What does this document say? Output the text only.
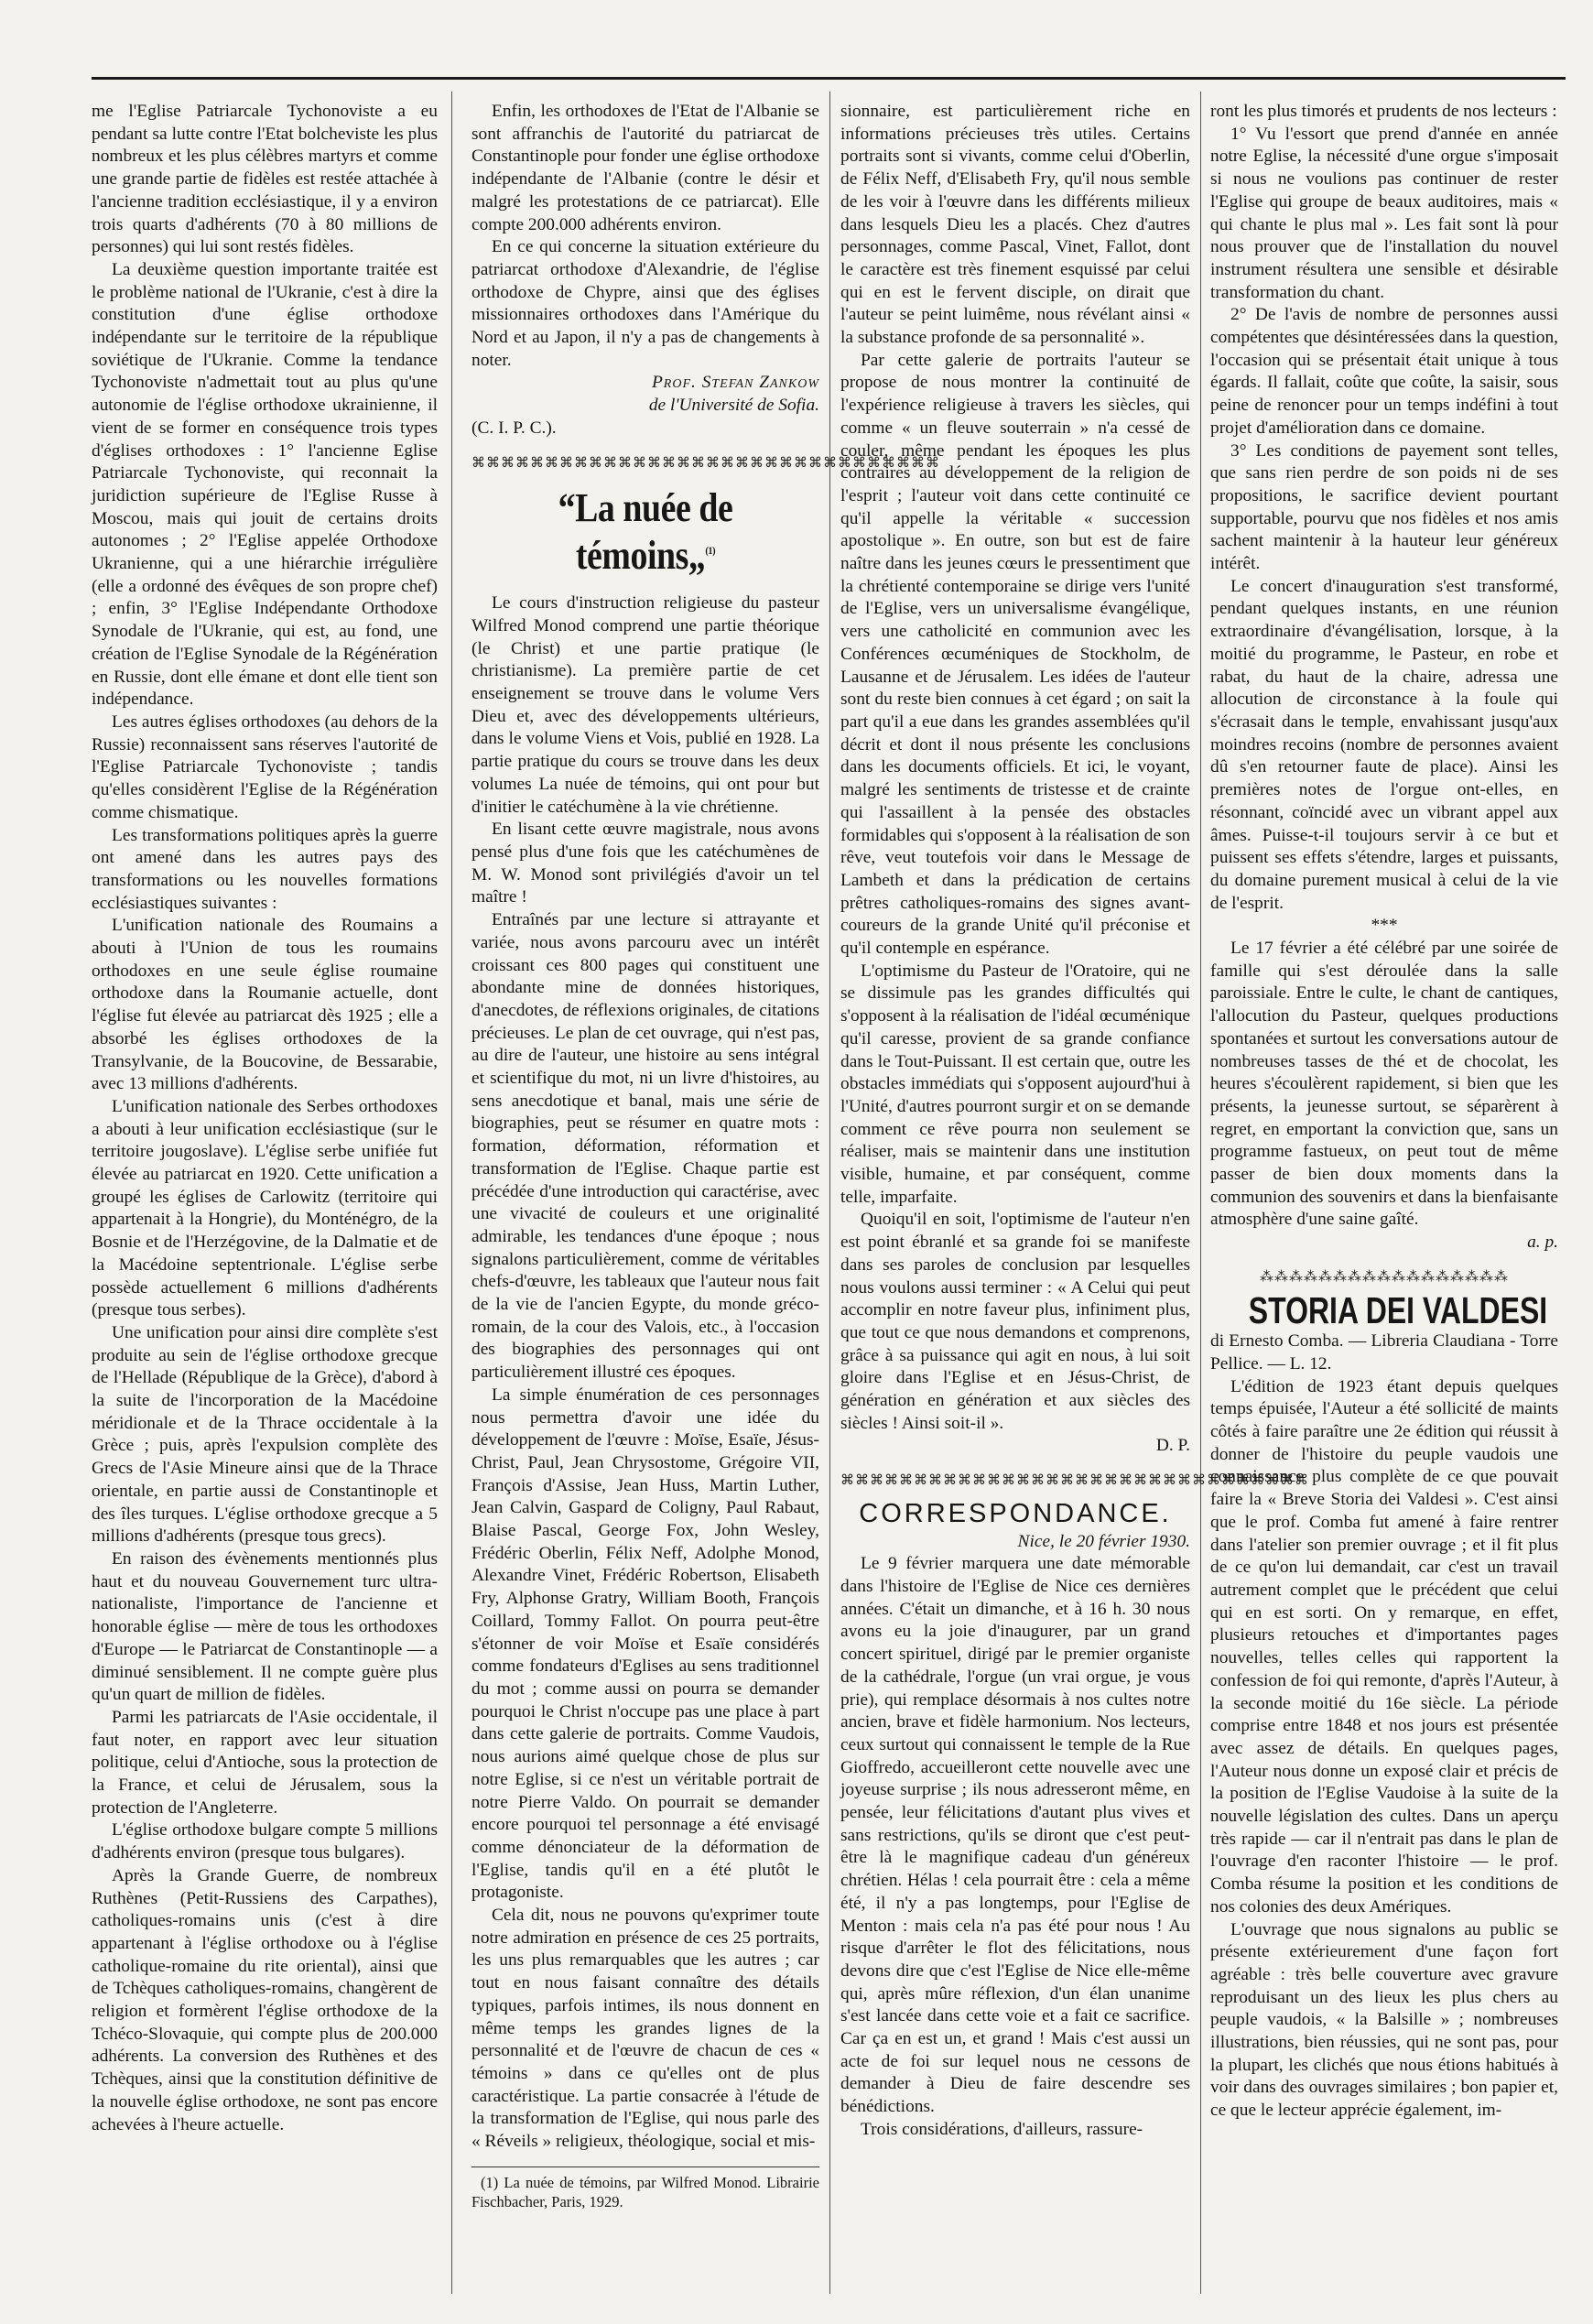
me l'Eglise Patriarcale Tychonoviste a eu pendant sa lutte contre l'Etat bolcheviste les plus nombreux et les plus célèbres martyrs et comme une grande partie de fidèles est restée attachée à l'ancienne tradition ecclésiastique, il y a environ trois quarts d'adhérents (70 à 80 millions de personnes) qui lui sont restés fidèles.

La deuxième question importante traitée est le problème national de l'Ukranie, c'est à dire la constitution d'une église orthodoxe indépendante sur le territoire de la république soviétique de l'Ukranie. Comme la tendance Tychonoviste n'admettait tout au plus qu'une autonomie de l'église orthodoxe ukrainienne, il vient de se former en conséquence trois types d'églises orthodoxes : 1° l'ancienne Eglise Patriarcale Tychonoviste, qui reconnait la juridiction supérieure de l'Eglise Russe à Moscou, mais qui jouit de certains droits autonomes ; 2° l'Eglise appelée Orthodoxe Ukranienne, qui a une hiérarchie irrégulière (elle a ordonné des évêques de son propre chef) ; enfin, 3° l'Eglise Indépendante Orthodoxe Synodale de l'Ukranie, qui est, au fond, une création de l'Eglise Synodale de la Régénération en Russie, dont elle émane et dont elle tient son indépendance.

Les autres églises orthodoxes (au dehors de la Russie) reconnaissent sans réserves l'autorité de l'Eglise Patriarcale Tychonoviste ; tandis qu'elles considèrent l'Eglise de la Régénération comme chismatique.

Les transformations politiques après la guerre ont amené dans les autres pays des transformations ou les nouvelles formations ecclésiastiques suivantes :

L'unification nationale des Roumains a abouti à l'Union de tous les roumains orthodoxes en une seule église roumaine orthodoxe dans la Roumanie actuelle, dont l'église fut élevée au patriarcat dès 1925 ; elle a absorbé les églises orthodoxes de la Transylvanie, de la Boucovine, de Bessarabie, avec 13 millions d'adhérents.

L'unification nationale des Serbes orthodoxes a abouti à leur unification ecclésiastique (sur le territoire jougoslave). L'église serbe unifiée fut élevée au patriarcat en 1920. Cette unification a groupé les églises de Carlowitz (territoire qui appartenait à la Hongrie), du Monténégro, de la Bosnie et de l'Herzégovine, de la Dalmatie et de la Macédoine septentrionale. L'église serbe possède actuellement 6 millions d'adhérents (presque tous serbes).

Une unification pour ainsi dire complète s'est produite au sein de l'église orthodoxe grecque de l'Hellade (République de la Grèce), d'abord à la suite de l'incorporation de la Macédoine méridionale et de la Thrace occidentale à la Grèce ; puis, après l'expulsion complète des Grecs de l'Asie Mineure ainsi que de la Thrace orientale, en partie aussi de Constantinople et des îles turques. L'église orthodoxe grecque a 5 millions d'adhérents (presque tous grecs).

En raison des évènements mentionnés plus haut et du nouveau Gouvernement turc ultra-nationaliste, l'importance de l'ancienne et honorable église — mère de tous les orthodoxes d'Europe — le Patriarcat de Constantinople — a diminué sensiblement. Il ne compte guère plus qu'un quart de million de fidèles.

Parmi les patriarcats de l'Asie occidentale, il faut noter, en rapport avec leur situation politique, celui d'Antioche, sous la protection de la France, et celui de Jérusalem, sous la protection de l'Angleterre.

L'église orthodoxe bulgare compte 5 millions d'adhérents environ (presque tous bulgares).

Après la Grande Guerre, de nombreux Ruthènes (Petit-Russiens des Carpathes), catholiques-romains unis (c'est à dire appartenant à l'église orthodoxe ou à l'église catholique-romaine du rite oriental), ainsi que de Tchèques catholiques-romains, changèrent de religion et formèrent l'église orthodoxe de la Tchéco-Slovaquie, qui compte plus de 200.000 adhérents. La conversion des Ruthènes et des Tchèques, ainsi que la constitution définitive de la nouvelle église orthodoxe, ne sont pas encore achevées à l'heure actuelle.

Enfin, les orthodoxes de l'Etat de l'Albanie se sont affranchis de l'autorité du patriarcat de Constantinople pour fonder une église orthodoxe indépendante de l'Albanie (contre le désir et malgré les protestations de ce patriarcat). Elle compte 200.000 adhérents environ.

En ce qui concerne la situation extérieure du patriarcat orthodoxe d'Alexandrie, de l'église orthodoxe de Chypre, ainsi que des églises missionnaires orthodoxes dans l'Amérique du Nord et au Japon, il n'y a pas de changements à noter.

Prof. Stefan Zankow

de l'Université de Sofia.

(C. I. P. C.).

⌘⌘⌘⌘⌘⌘⌘⌘⌘⌘⌘⌘⌘⌘⌘⌘⌘⌘⌘⌘⌘⌘⌘⌘⌘⌘⌘⌘⌘⌘⌘⌘
“La nuée de témoins„$^{(1)}$

Le cours d'instruction religieuse du pasteur Wilfred Monod comprend une partie théorique (le Christ) et une partie pratique (le christianisme). La première partie de cet enseignement se trouve dans le volume Vers Dieu et, avec des développements ultérieurs, dans le volume Viens et Vois, publié en 1928. La partie pratique du cours se trouve dans les deux volumes La nuée de témoins, qui ont pour but d'initier le catéchumène à la vie chrétienne.

En lisant cette œuvre magistrale, nous avons pensé plus d'une fois que les catéchumènes de M. W. Monod sont privilégiés d'avoir un tel maître !

Entraînés par une lecture si attrayante et variée, nous avons parcouru avec un intérêt croissant ces 800 pages qui constituent une abondante mine de données historiques, d'anecdotes, de réflexions originales, de citations précieuses. Le plan de cet ouvrage, qui n'est pas, au dire de l'auteur, une histoire au sens intégral et scientifique du mot, ni un livre d'histoires, au sens anecdotique et banal, mais une série de biographies, peut se résumer en quatre mots : formation, déformation, réformation et transformation de l'Eglise. Chaque partie est précédée d'une introduction qui caractérise, avec une vivacité de couleurs et une originalité admirable, les tendances d'une époque ; nous signalons particulièrement, comme de véritables chefs-d'œuvre, les tableaux que l'auteur nous fait de la vie de l'ancien Egypte, du monde gréco-romain, de la cour des Valois, etc., à l'occasion des biographies des personnages qui ont particulièrement illustré ces époques.

La simple énumération de ces personnages nous permettra d'avoir une idée du développement de l'œuvre : Moïse, Esaïe, Jésus-Christ, Paul, Jean Chrysostome, Grégoire VII, François d'Assise, Jean Huss, Martin Luther, Jean Calvin, Gaspard de Coligny, Paul Rabaut, Blaise Pascal, George Fox, John Wesley, Frédéric Oberlin, Félix Neff, Adolphe Monod, Alexandre Vinet, Frédéric Robertson, Elisabeth Fry, Alphonse Gratry, William Booth, François Coillard, Tommy Fallot. On pourra peut-être s'étonner de voir Moïse et Esaïe considérés comme fondateurs d'Eglises au sens traditionnel du mot ; comme aussi on pourra se demander pourquoi le Christ n'occupe pas une place à part dans cette galerie de portraits. Comme Vaudois, nous aurions aimé quelque chose de plus sur notre Eglise, si ce n'est un véritable portrait de notre Pierre Valdo. On pourrait se demander encore pourquoi tel personnage a été envisagé comme dénonciateur de la déformation de l'Eglise, tandis qu'il en a été plutôt le protagoniste.

Cela dit, nous ne pouvons qu'exprimer toute notre admiration en présence de ces 25 portraits, les uns plus remarquables que les autres ; car tout en nous faisant connaître des détails typiques, parfois intimes, ils nous donnent en même temps les grandes lignes de la personnalité et de l'œuvre de chacun de ces « témoins » dans ce qu'elles ont de plus caractéristique. La partie consacrée à l'étude de la transformation de l'Eglise, qui nous parle des « Réveils » religieux, théologique, social et mis-

(1) La nuée de témoins, par Wilfred Monod. Librairie Fischbacher, Paris, 1929.

sionnaire, est particulièrement riche en informations précieuses très utiles. Certains portraits sont si vivants, comme celui d'Oberlin, de Félix Neff, d'Elisabeth Fry, qu'il nous semble de les voir à l'œuvre dans les différents milieux dans lesquels Dieu les a placés. Chez d'autres personnages, comme Pascal, Vinet, Fallot, dont le caractère est très finement esquissé par celui qui en est le fervent disciple, on dirait que l'auteur se peint luimême, nous révélant ainsi « la substance profonde de sa personnalité ».

Par cette galerie de portraits l'auteur se propose de nous montrer la continuité de l'expérience religieuse à travers les siècles, qui comme « un fleuve souterrain » n'a cessé de couler, même pendant les époques les plus contraires au développement de la religion de l'esprit ; l'auteur voit dans cette continuité ce qu'il appelle la véritable « succession apostolique ». En outre, son but est de faire naître dans les jeunes cœurs le pressentiment que la chrétienté contemporaine se dirige vers l'unité de l'Eglise, vers un universalisme évangélique, vers une catholicité en communion avec les Conférences œcuméniques de Stockholm, de Lausanne et de Jérusalem. Les idées de l'auteur sont du reste bien connues à cet égard ; on sait la part qu'il a eue dans les grandes assemblées qu'il décrit et dont il nous présente les conclusions dans les documents officiels. Et ici, le voyant, malgré les sentiments de tristesse et de crainte qui l'assaillent à la pensée des obstacles formidables qui s'opposent à la réalisation de son rêve, veut toutefois voir dans le Message de Lambeth et dans la prédication de certains prêtres catholiques-romains des signes avant-coureurs de la grande Unité qu'il préconise et qu'il contemple en espérance.

L'optimisme du Pasteur de l'Oratoire, qui ne se dissimule pas les grandes difficultés qui s'opposent à la réalisation de l'idéal œcuménique qu'il caresse, provient de sa grande confiance dans le Tout-Puissant. Il est certain que, outre les obstacles immédiats qui s'opposent aujourd'hui à l'Unité, d'autres pourront surgir et on se demande comment ce rêve pourra non seulement se réaliser, mais se maintenir dans une institution visible, humaine, et par conséquent, comme telle, imparfaite.

Quoiqu'il en soit, l'optimisme de l'auteur n'en est point ébranlé et sa grande foi se manifeste dans ses paroles de conclusion par lesquelles nous voulons aussi terminer : « A Celui qui peut accomplir en notre faveur plus, infiniment plus, que tout ce que nous demandons et comprenons, grâce à sa puissance qui agit en nous, à lui soit gloire dans l'Eglise et en Jésus-Christ, de génération en génération et aux siècles des siècles ! Ainsi soit-il ».

D. P.

⌘⌘⌘⌘⌘⌘⌘⌘⌘⌘⌘⌘⌘⌘⌘⌘⌘⌘⌘⌘⌘⌘⌘⌘⌘⌘⌘⌘⌘⌘⌘⌘
CORRESPONDANCE.

Nice, le 20 février 1930.

Le 9 février marquera une date mémorable dans l'histoire de l'Eglise de Nice ces dernières années. C'était un dimanche, et à 16 h. 30 nous avons eu la joie d'inaugurer, par un grand concert spirituel, dirigé par le premier organiste de la cathédrale, l'orgue (un vrai orgue, je vous prie), qui remplace désormais à nos cultes notre ancien, brave et fidèle harmonium. Nos lecteurs, ceux surtout qui connaissent le temple de la Rue Gioffredo, accueilleront cette nouvelle avec une joyeuse surprise ; ils nous adresseront même, en pensée, leur félicitations d'autant plus vives et sans restrictions, qu'ils se diront que c'est peut-être là le magnifique cadeau d'un généreux chrétien. Hélas ! cela pourrait être : cela a même été, il n'y a pas longtemps, pour l'Eglise de Menton : mais cela n'a pas été pour nous ! Au risque d'arrêter le flot des félicitations, nous devons dire que c'est l'Eglise de Nice elle-même qui, après mûre réflexion, d'un élan unanime s'est lancée dans cette voie et a fait ce sacrifice. Car ça en est un, et grand ! Mais c'est aussi un acte de foi sur lequel nous ne cessons de demander à Dieu de faire descendre ses bénédictions.

Trois considérations, d'ailleurs, rassure-

ront les plus timorés et prudents de nos lecteurs :

1° Vu l'essort que prend d'année en année notre Eglise, la nécessité d'une orgue s'imposait si nous ne voulions pas continuer de rester l'Eglise qui groupe de beaux auditoires, mais « qui chante le plus mal ». Les fait sont là pour nous prouver que de l'installation du nouvel instrument résultera une sensible et désirable transformation du chant.

2° De l'avis de nombre de personnes aussi compétentes que désintéressées dans la question, l'occasion qui se présentait était unique à tous égards. Il fallait, coûte que coûte, la saisir, sous peine de renoncer pour un temps indéfini à tout projet d'amélioration dans ce domaine.

3° Les conditions de payement sont telles, que sans rien perdre de son poids ni de ses propositions, le sacrifice devient pourtant supportable, pourvu que nos fidèles et nos amis sachent maintenir à la hauteur leur généreux intérêt.

Le concert d'inauguration s'est transformé, pendant quelques instants, en une réunion extraordinaire d'évangélisation, lorsque, à la moitié du programme, le Pasteur, en robe et rabat, du haut de la chaire, adressa une allocution de circonstance à la foule qui s'écrasait dans le temple, envahissant jusqu'aux moindres recoins (nombre de personnes avaient dû s'en retourner faute de place). Ainsi les premières notes de l'orgue ont-elles, en résonnant, coïncidé avec un vibrant appel aux âmes. Puisse-t-il toujours servir à ce but et puissent ses effets s'étendre, larges et puissants, du domaine purement musical à celui de la vie de l'esprit.

***

Le 17 février a été célébré par une soirée de famille qui s'est déroulée dans la salle paroissiale. Entre le culte, le chant de cantiques, l'allocution du Pasteur, quelques productions spontanées et surtout les conversations autour de nombreuses tasses de thé et de chocolat, les heures s'écoulèrent rapidement, si bien que les présents, la jeunesse surtout, se séparèrent à regret, en emportant la conviction que, sans un programme fastueux, on peut tout de même passer de bien doux moments dans la communion des souvenirs et dans la bienfaisante atmosphère d'une saine gaîté.

a. p.

⁂⁂⁂⁂⁂⁂⁂⁂⁂⁂⁂⁂⁂⁂⁂⁂⁂
STORIA DEI VALDESI

di Ernesto Comba. — Libreria Claudiana - Torre Pellice. — L. 12.

L'édition de 1923 étant depuis quelques temps épuisée, l'Auteur a été sollicité de maints côtés à faire paraître une 2e édition qui réussit à donner de l'histoire du peuple vaudois une connaissance plus complète de ce que pouvait faire la « Breve Storia dei Valdesi ». C'est ainsi que le prof. Comba fut amené à faire rentrer dans l'atelier son premier ouvrage ; et il fit plus de ce qu'on lui demandait, car c'est un travail autrement complet que le précédent que celui qui en est sorti. On y remarque, en effet, plusieurs retouches et d'importantes pages nouvelles, telles celles qui rapportent la confession de foi qui remonte, d'après l'Auteur, à la seconde moitié du 16e siècle. La période comprise entre 1848 et nos jours est présentée avec assez de détails. En quelques pages, l'Auteur nous donne un exposé clair et précis de la position de l'Eglise Vaudoise à la suite de la nouvelle législation des cultes. Dans un aperçu très rapide — car il n'entrait pas dans le plan de l'ouvrage d'en raconter l'histoire — le prof. Comba résume la position et les conditions de nos colonies des deux Amériques.

L'ouvrage que nous signalons au public se présente extérieurement d'une façon fort agréable : très belle couverture avec gravure reproduisant un des lieux les plus chers au peuple vaudois, « la Balsille » ; nombreuses illustrations, bien réussies, qui ne sont pas, pour la plupart, les clichés que nous étions habitués à voir dans des ouvrages similaires ; bon papier et, ce que le lecteur apprécie également, im-
